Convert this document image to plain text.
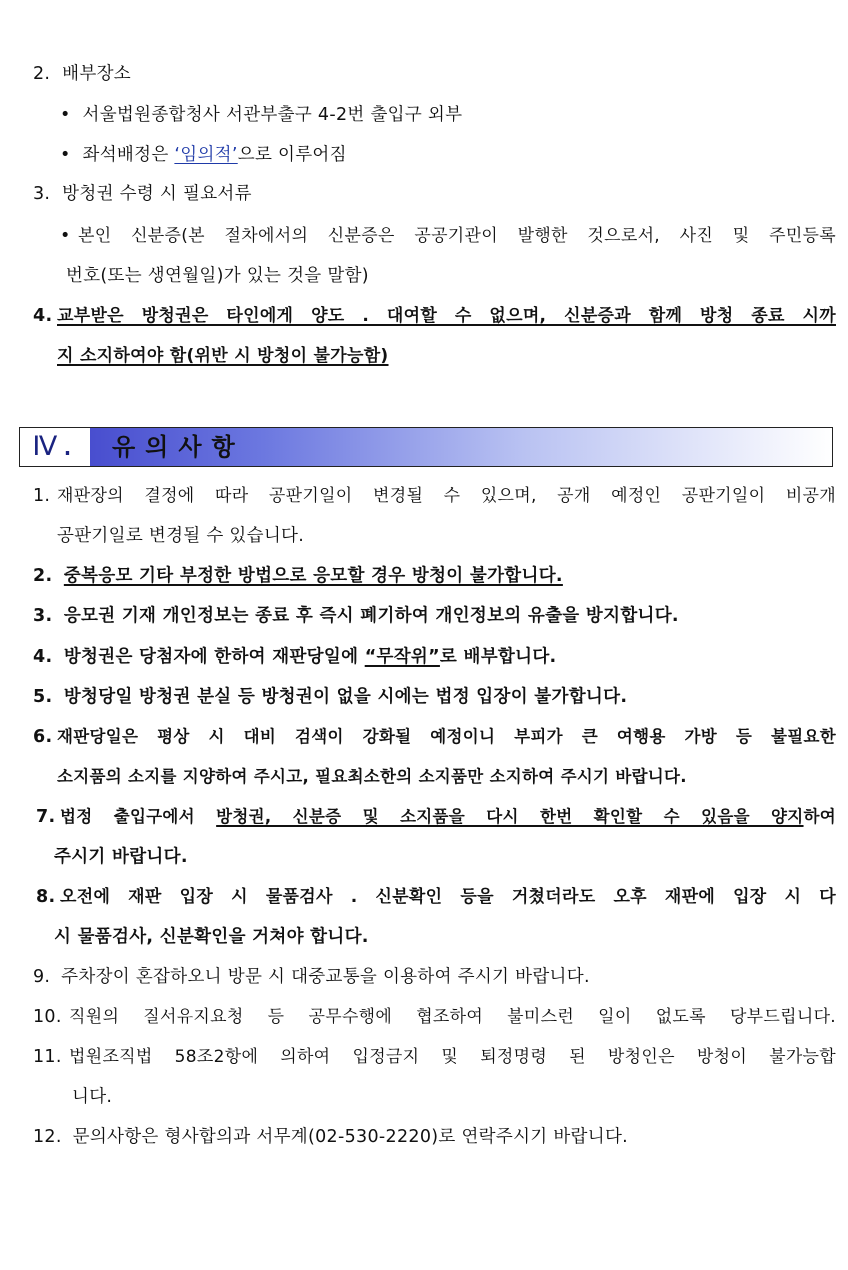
2. 배부장소
• 서울법원종합청사 서관부출구 4-2번 출입구 외부
• 좌석배정은 ‘임의적’으로 이루어짐
3. 방청권 수령 시 필요서류
• 본인 신분증(본 절차에서의 신분증은 공공기관이 발행한 것으로서, 사진 및 주민등록
번호(또는 생연월일)가 있는 것을 말함)
4. 교부받은 방청권은 타인에게 양도 . 대여할 수 없으며, 신분증과 함께 방청 종료 시까
지 소지하여야 함(위반 시 방청이 불가능함)
Ⅳ.	유의사항
1. 재판장의 결정에 따라 공판기일이 변경될 수 있으며, 공개 예정인 공판기일이 비공개
공판기일로 변경될 수 있습니다.
2. 중복응모 기타 부정한 방법으로 응모할 경우 방청이 불가합니다.
3. 응모권 기재 개인정보는 종료 후 즉시 폐기하여 개인정보의 유출을 방지합니다.
4. 방청권은 당첨자에 한하여 재판당일에 “무작위”로 배부합니다.
5. 방청당일 방청권 분실 등 방청권이 없을 시에는 법정 입장이 불가합니다.
6. 재판당일은 평상 시 대비 검색이 강화될 예정이니 부피가 큰 여행용 가방 등 불필요한
소지품의 소지를 지양하여 주시고, 필요최소한의 소지품만 소지하여 주시기 바랍니다.
7. 법정 출입구에서 방청권, 신분증 및 소지품을 다시 한번 확인할 수 있음을 양지하여
주시기 바랍니다.
8. 오전에 재판 입장 시 물품검사 . 신분확인 등을 거쳤더라도 오후 재판에 입장 시 다
시 물품검사, 신분확인을 거쳐야 합니다.
9. 주차장이 혼잡하오니 방문 시 대중교통을 이용하여 주시기 바랍니다.
10. 직원의 질서유지요청 등 공무수행에 협조하여 불미스런 일이 없도록 당부드립니다.
11. 법원조직법 58조2항에 의하여 입정금지 및 퇴정명령 된 방청인은 방청이 불가능합
니다.
12. 문의사항은 형사합의과 서무계(02-530-2220)로 연락주시기 바랍니다.
